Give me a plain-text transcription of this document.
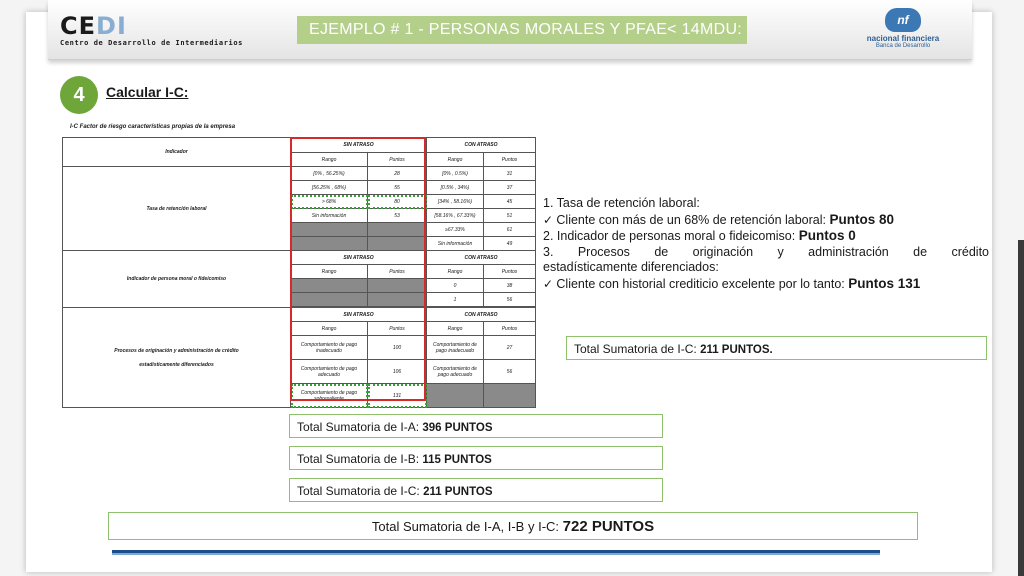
CEDI
Centro de Desarrollo de Intermediarios
EJEMPLO # 1 - PERSONAS MORALES Y PFAE< 14MDU:
nf
nacional financiera
Banca de Desarrollo
4	Calcular I-C:
I-C Factor de riesgo características propias de la empresa
Indicador	SIN ATRASO		CON ATRASO	
	Rango	Puntos	Rango	Puntos
Tasa de retención laboral	[0% , 56.25%)	28	[0% , 0.5%)	31
	[56.25% , 68%)	55	[0.5% , 34%)	37
	> 68%	80	[34% , 58.16%)	45
	Sin información	53	[58.16% , 67.33%)	51
			≥67.33%	61
			Sin información	49
Indicador de persona moral o fideicomiso	SIN ATRASO		CON ATRASO	
	Rango	Puntos	Rango	Puntos
			0	38
			1	56

Procesos de originación y administración de crédito
estadísticamente diferenciados	SIN ATRASO		CON ATRASO	
	Rango	Puntos	Rango	Puntos
	Comportamiento de pago inadecuado	100	Comportamiento de pago inadecuado	27
	Comportamiento de pago adecuado	106	Comportamiento de pago adecuado	56
	Comportamiento de pago sobresaliente	131		

1. Tasa de retención laboral:

✓ Cliente con más de un 68% de retención laboral: Puntos 80

2. Indicador de personas moral o fideicomiso: Puntos 0

3. Procesos de originación y administración de crédito

estadísticamente diferenciados:

✓ Cliente con historial crediticio excelente por lo tanto: Puntos 131

Total Sumatoria de I-C: 211 PUNTOS.
Total Sumatoria de I-A: 396 PUNTOS
Total Sumatoria de I-B: 115 PUNTOS
Total Sumatoria de I-C: 211 PUNTOS
Total Sumatoria de I-A, I-B y I-C: 722 PUNTOS
